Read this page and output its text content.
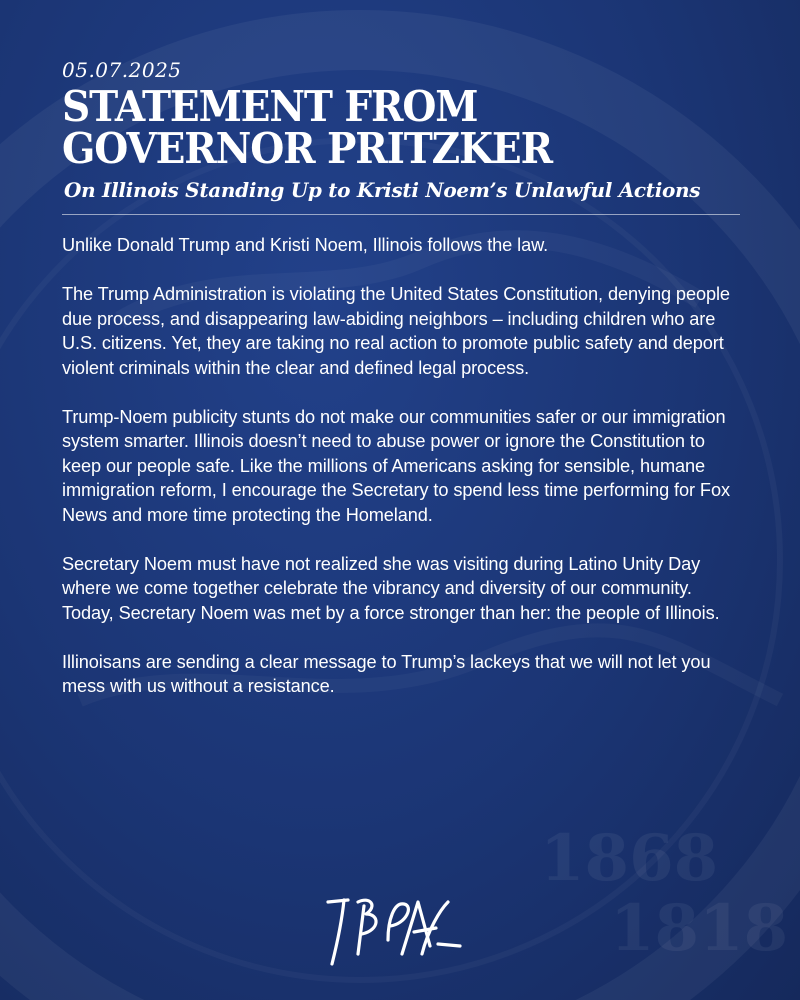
05.07.2025
STATEMENT FROM
GOVERNOR PRITZKER
On Illinois Standing Up to Kristi Noem’s Unlawful Actions

Unlike Donald Trump and Kristi Noem, Illinois follows the law.

The Trump Administration is violating the United States Constitution, denying people due process, and disappearing law-abiding neighbors – including children who are U.S. citizens. Yet, they are taking no real action to promote public safety and deport violent criminals within the clear and defined legal process.

Trump-Noem publicity stunts do not make our communities safer or our immigration system smarter. Illinois doesn’t need to abuse power or ignore the Constitution to keep our people safe. Like the millions of Americans asking for sensible, humane immigration reform, I encourage the Secretary to spend less time performing for Fox News and more time protecting the Homeland.

Secretary Noem must have not realized she was visiting during Latino Unity Day where we come together celebrate the vibrancy and diversity of our community. Today, Secretary Noem was met by a force stronger than her: the people of Illinois.

Illinoisans are sending a clear message to Trump’s lackeys that we will not let you mess with us without a resistance.
